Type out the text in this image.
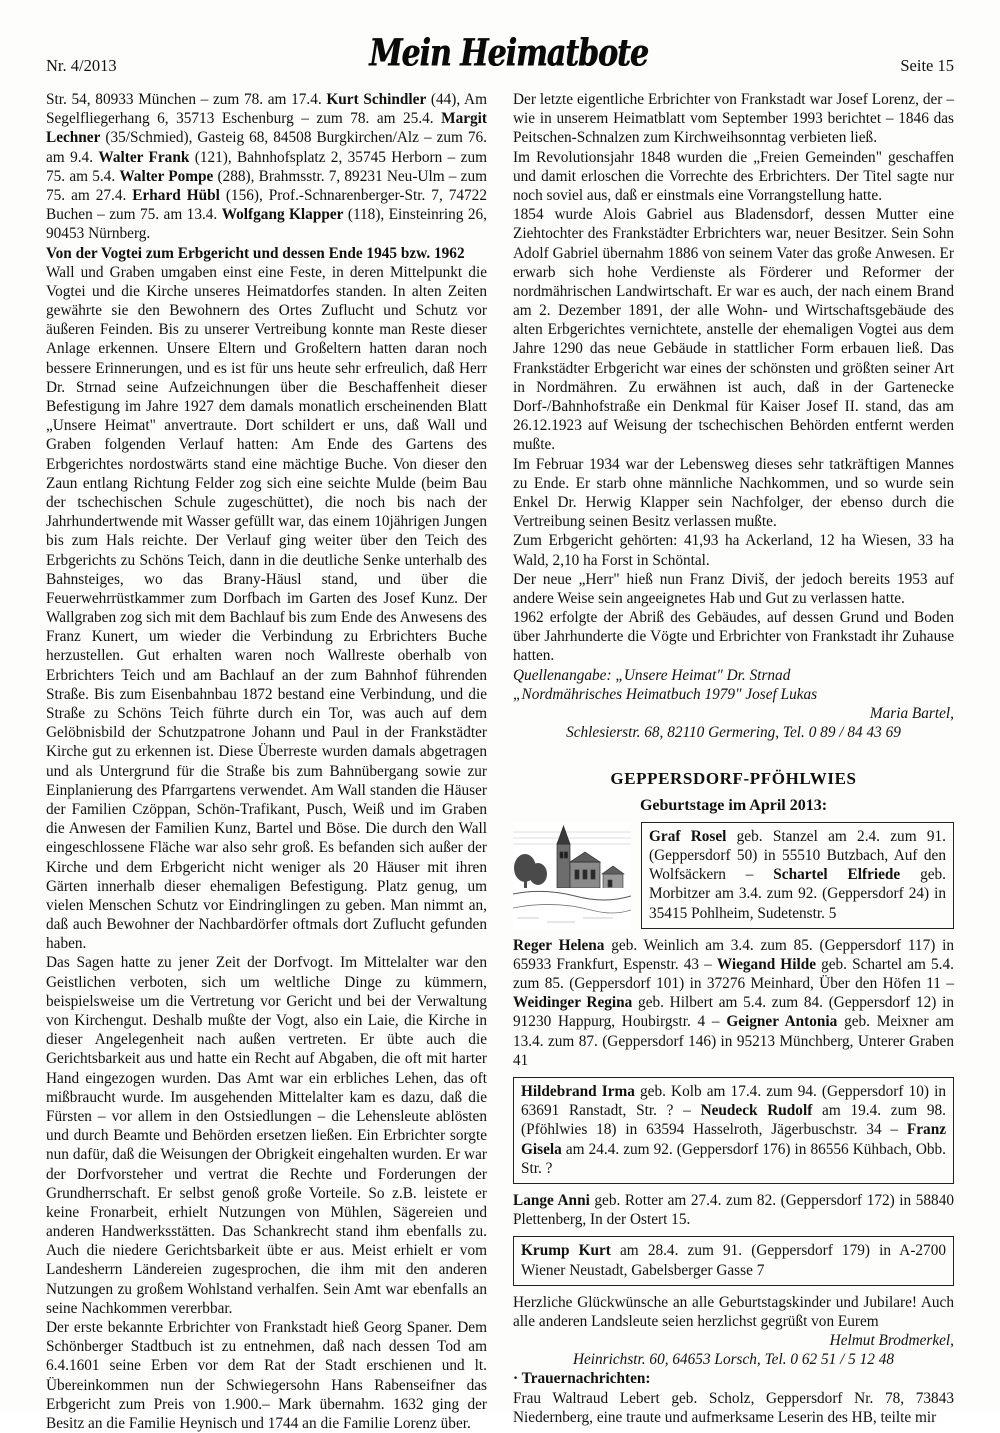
Nr. 4/2013	Mein Heimatbote	Seite 15

Str. 54, 80933 München – zum 78. am 17.4. Kurt Schindler (44), Am Segelfliegerhang 6, 35713 Eschenburg – zum 78. am 25.4. Margit Lechner (35/Schmied), Gasteig 68, 84508 Burgkirchen/Alz – zum 76. am 9.4. Walter Frank (121), Bahnhofsplatz 2, 35745 Herborn – zum 75. am 5.4. Walter Pompe (288), Brahmsstr. 7, 89231 Neu-Ulm – zum 75. am 27.4. Erhard Hübl (156), Prof.-Schnarenberger-Str. 7, 74722 Buchen – zum 75. am 13.4. Wolfgang Klapper (118), Einsteinring 26, 90453 Nürnberg.

Von der Vogtei zum Erbgericht und dessen Ende 1945 bzw. 1962

Wall und Graben umgaben einst eine Feste, in deren Mittelpunkt die Vogtei und die Kirche unseres Heimatdorfes standen. In alten Zeiten gewährte sie den Bewohnern des Ortes Zuflucht und Schutz vor äußeren Feinden. Bis zu unserer Vertreibung konnte man Reste dieser Anlage erkennen. Unsere Eltern und Großeltern hatten daran noch bessere Erinnerungen, und es ist für uns heute sehr erfreulich, daß Herr Dr. Strnad seine Aufzeichnungen über die Beschaffenheit dieser Befestigung im Jahre 1927 dem damals monatlich erscheinenden Blatt „Unsere Heimat" anvertraute. Dort schildert er uns, daß Wall und Graben folgenden Verlauf hatten: Am Ende des Gartens des Erbgerichtes nordostwärts stand eine mächtige Buche. Von dieser den Zaun entlang Richtung Felder zog sich eine seichte Mulde (beim Bau der tschechischen Schule zugeschüttet), die noch bis nach der Jahrhundertwende mit Wasser gefüllt war, das einem 10jährigen Jungen bis zum Hals reichte. Der Verlauf ging weiter über den Teich des Erbgerichts zu Schöns Teich, dann in die deutliche Senke unterhalb des Bahnsteiges, wo das Brany-Häusl stand, und über die Feuerwehrrüstkammer zum Dorfbach im Garten des Josef Kunz. Der Wallgraben zog sich mit dem Bachlauf bis zum Ende des Anwesens des Franz Kunert, um wieder die Verbindung zu Erbrichters Buche herzustellen. Gut erhalten waren noch Wallreste oberhalb von Erbrichters Teich und am Bachlauf an der zum Bahnhof führenden Straße. Bis zum Eisenbahnbau 1872 bestand eine Verbindung, und die Straße zu Schöns Teich führte durch ein Tor, was auch auf dem Gelöbnisbild der Schutzpatrone Johann und Paul in der Frankstädter Kirche gut zu erkennen ist. Diese Überreste wurden damals abgetragen und als Untergrund für die Straße bis zum Bahnübergang sowie zur Einplanierung des Pfarrgartens verwendet. Am Wall standen die Häuser der Familien Czöppan, Schön-Trafikant, Pusch, Weiß und im Graben die Anwesen der Familien Kunz, Bartel und Böse. Die durch den Wall eingeschlossene Fläche war also sehr groß. Es befanden sich außer der Kirche und dem Erbgericht nicht weniger als 20 Häuser mit ihren Gärten innerhalb dieser ehemaligen Befestigung. Platz genug, um vielen Menschen Schutz vor Eindringlingen zu geben. Man nimmt an, daß auch Bewohner der Nachbardörfer oftmals dort Zuflucht gefunden haben.

Das Sagen hatte zu jener Zeit der Dorfvogt. Im Mittelalter war den Geistlichen verboten, sich um weltliche Dinge zu kümmern, beispielsweise um die Vertretung vor Gericht und bei der Verwaltung von Kirchengut. Deshalb mußte der Vogt, also ein Laie, die Kirche in dieser Angelegenheit nach außen vertreten. Er übte auch die Gerichtsbarkeit aus und hatte ein Recht auf Abgaben, die oft mit harter Hand eingezogen wurden. Das Amt war ein erbliches Lehen, das oft mißbraucht wurde. Im ausgehenden Mittelalter kam es dazu, daß die Fürsten – vor allem in den Ostsiedlungen – die Lehensleute ablösten und durch Beamte und Behörden ersetzen ließen. Ein Erbrichter sorgte nun dafür, daß die Weisungen der Obrigkeit eingehalten wurden. Er war der Dorfvorsteher und vertrat die Rechte und Forderungen der Grundherrschaft. Er selbst genoß große Vorteile. So z.B. leistete er keine Fronarbeit, erhielt Nutzungen von Mühlen, Sägereien und anderen Handwerksstätten. Das Schankrecht stand ihm ebenfalls zu. Auch die niedere Gerichtsbarkeit übte er aus. Meist erhielt er vom Landesherrn Ländereien zugesprochen, die ihm mit den anderen Nutzungen zu großem Wohlstand verhalfen. Sein Amt war ebenfalls an seine Nachkommen vererbbar.

Der erste bekannte Erbrichter von Frankstadt hieß Georg Spaner. Dem Schönberger Stadtbuch ist zu entnehmen, daß nach dessen Tod am 6.4.1601 seine Erben vor dem Rat der Stadt erschienen und lt. Übereinkommen nun der Schwiegersohn Hans Rabenseifner das Erbgericht zum Preis von 1.900.– Mark übernahm. 1632 ging der Besitz an die Familie Heynisch und 1744 an die Familie Lorenz über.

Der letzte eigentliche Erbrichter von Frankstadt war Josef Lorenz, der – wie in unserem Heimatblatt vom September 1993 berichtet – 1846 das Peitschen-Schnalzen zum Kirchweihsonntag verbieten ließ.

Im Revolutionsjahr 1848 wurden die „Freien Gemeinden" geschaffen und damit erloschen die Vorrechte des Erbrichters. Der Titel sagte nur noch soviel aus, daß er einstmals eine Vorrangstellung hatte.

1854 wurde Alois Gabriel aus Bladensdorf, dessen Mutter eine Ziehtochter des Frankstädter Erbrichters war, neuer Besitzer. Sein Sohn Adolf Gabriel übernahm 1886 von seinem Vater das große Anwesen. Er erwarb sich hohe Verdienste als Förderer und Reformer der nordmährischen Landwirtschaft. Er war es auch, der nach einem Brand am 2. Dezember 1891, der alle Wohn- und Wirtschaftsgebäude des alten Erbgerichtes vernichtete, anstelle der ehemaligen Vogtei aus dem Jahre 1290 das neue Gebäude in stattlicher Form erbauen ließ. Das Frankstädter Erbgericht war eines der schönsten und größten seiner Art in Nordmähren. Zu erwähnen ist auch, daß in der Gartenecke Dorf-/Bahnhofstraße ein Denkmal für Kaiser Josef II. stand, das am 26.12.1923 auf Weisung der tschechischen Behörden entfernt werden mußte.

Im Februar 1934 war der Lebensweg dieses sehr tatkräftigen Mannes zu Ende. Er starb ohne männliche Nachkommen, und so wurde sein Enkel Dr. Herwig Klapper sein Nachfolger, der ebenso durch die Vertreibung seinen Besitz verlassen mußte.

Zum Erbgericht gehörten: 41,93 ha Ackerland, 12 ha Wiesen, 33 ha Wald, 2,10 ha Forst in Schöntal.

Der neue „Herr" hieß nun Franz Diviš, der jedoch bereits 1953 auf andere Weise sein angeeignetes Hab und Gut zu verlassen hatte.

1962 erfolgte der Abriß des Gebäudes, auf dessen Grund und Boden über Jahrhunderte die Vögte und Erbrichter von Frankstadt ihr Zuhause hatten.

Quellenangabe: „Unsere Heimat" Dr. Strnad

„Nordmährisches Heimatbuch 1979" Josef Lukas

Maria Bartel,

Schlesierstr. 68, 82110 Germering, Tel. 0 89 / 84 43 69

GEPPERSDORF-PFÖHLWIES
Geburtstage im April 2013:
Graf Rosel geb. Stanzel am 2.4. zum 91. (Geppersdorf 50) in 55510 Butzbach, Auf den Wolfsäckern – Schartel Elfriede geb. Morbitzer am 3.4. zum 92. (Geppersdorf 24) in 35415 Pohlheim, Sudetenstr. 5

Reger Helena geb. Weinlich am 3.4. zum 85. (Geppersdorf 117) in 65933 Frankfurt, Espenstr. 43 – Wiegand Hilde geb. Schartel am 5.4. zum 85. (Geppersdorf 101) in 37276 Meinhard, Über den Höfen 11 – Weidinger Regina geb. Hilbert am 5.4. zum 84. (Geppersdorf 12) in 91230 Happurg, Houbirgstr. 4 – Geigner Antonia geb. Meixner am 13.4. zum 87. (Geppersdorf 146) in 95213 Münchberg, Unterer Graben 41

Hildebrand Irma geb. Kolb am 17.4. zum 94. (Geppersdorf 10) in 63691 Ranstadt, Str. ? – Neudeck Rudolf am 19.4. zum 98. (Pföhlwies 18) in 63594 Hasselroth, Jägerbuschstr. 34 – Franz Gisela am 24.4. zum 92. (Geppersdorf 176) in 86556 Kühbach, Obb. Str. ?

Lange Anni geb. Rotter am 27.4. zum 82. (Geppersdorf 172) in 58840 Plettenberg, In der Ostert 15.

Krump Kurt am 28.4. zum 91. (Geppersdorf 179) in A-2700 Wiener Neustadt, Gabelsberger Gasse 7

Herzliche Glückwünsche an alle Geburtstagskinder und Jubilare! Auch alle anderen Landsleute seien herzlichst gegrüßt von Eurem

Helmut Brodmerkel,

Heinrichstr. 60, 64653 Lorsch, Tel. 0 62 51 / 5 12 48

· Trauernachrichten:

Frau Waltraud Lebert geb. Scholz, Geppersdorf Nr. 78, 73843 Niedernberg, eine traute und aufmerksame Leserin des HB, teilte mir
